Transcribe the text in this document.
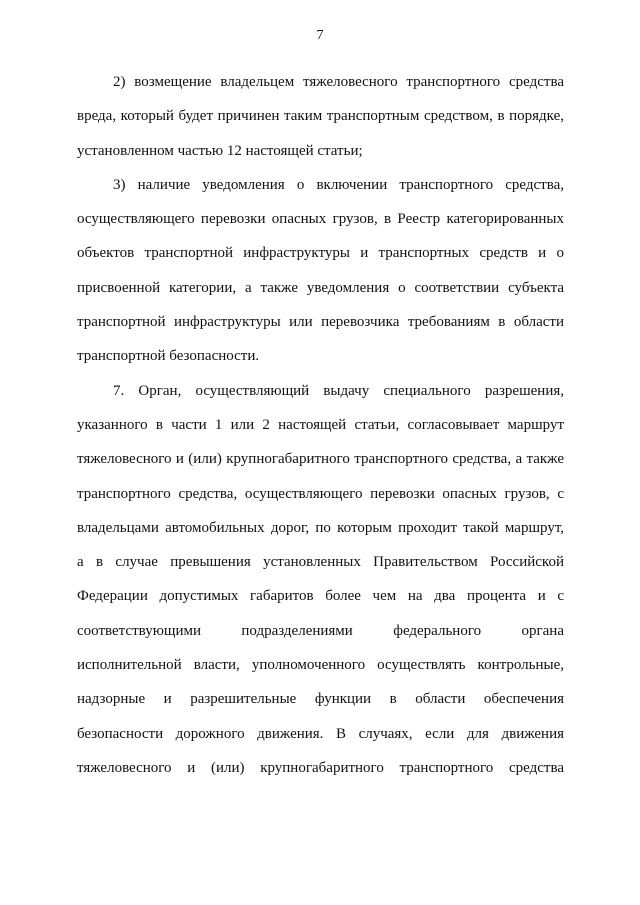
7
2) возмещение владельцем тяжеловесного транспортного средства
вреда, который будет причинен таким транспортным средством, в порядке,
установленном частью 12 настоящей статьи;
3) наличие уведомления о включении транспортного средства,
осуществляющего перевозки опасных грузов, в Реестр категорированных
объектов транспортной инфраструктуры и транспортных средств и о
присвоенной категории, а также уведомления о соответствии субъекта
транспортной инфраструктуры или перевозчика требованиям в области
транспортной безопасности.
7. Орган, осуществляющий выдачу специального разрешения,
указанного в части 1 или 2 настоящей статьи, согласовывает маршрут
тяжеловесного и (или) крупногабаритного транспортного средства, а также
транспортного средства, осуществляющего перевозки опасных грузов, с
владельцами автомобильных дорог, по которым проходит такой маршрут,
а в случае превышения установленных Правительством Российской
Федерации допустимых габаритов более чем на два процента и с
соответствующими подразделениями федерального органа
исполнительной власти, уполномоченного осуществлять контрольные,
надзорные и разрешительные функции в области обеспечения
безопасности дорожного движения. В случаях, если для движения
тяжеловесного и (или) крупногабаритного транспортного средства
